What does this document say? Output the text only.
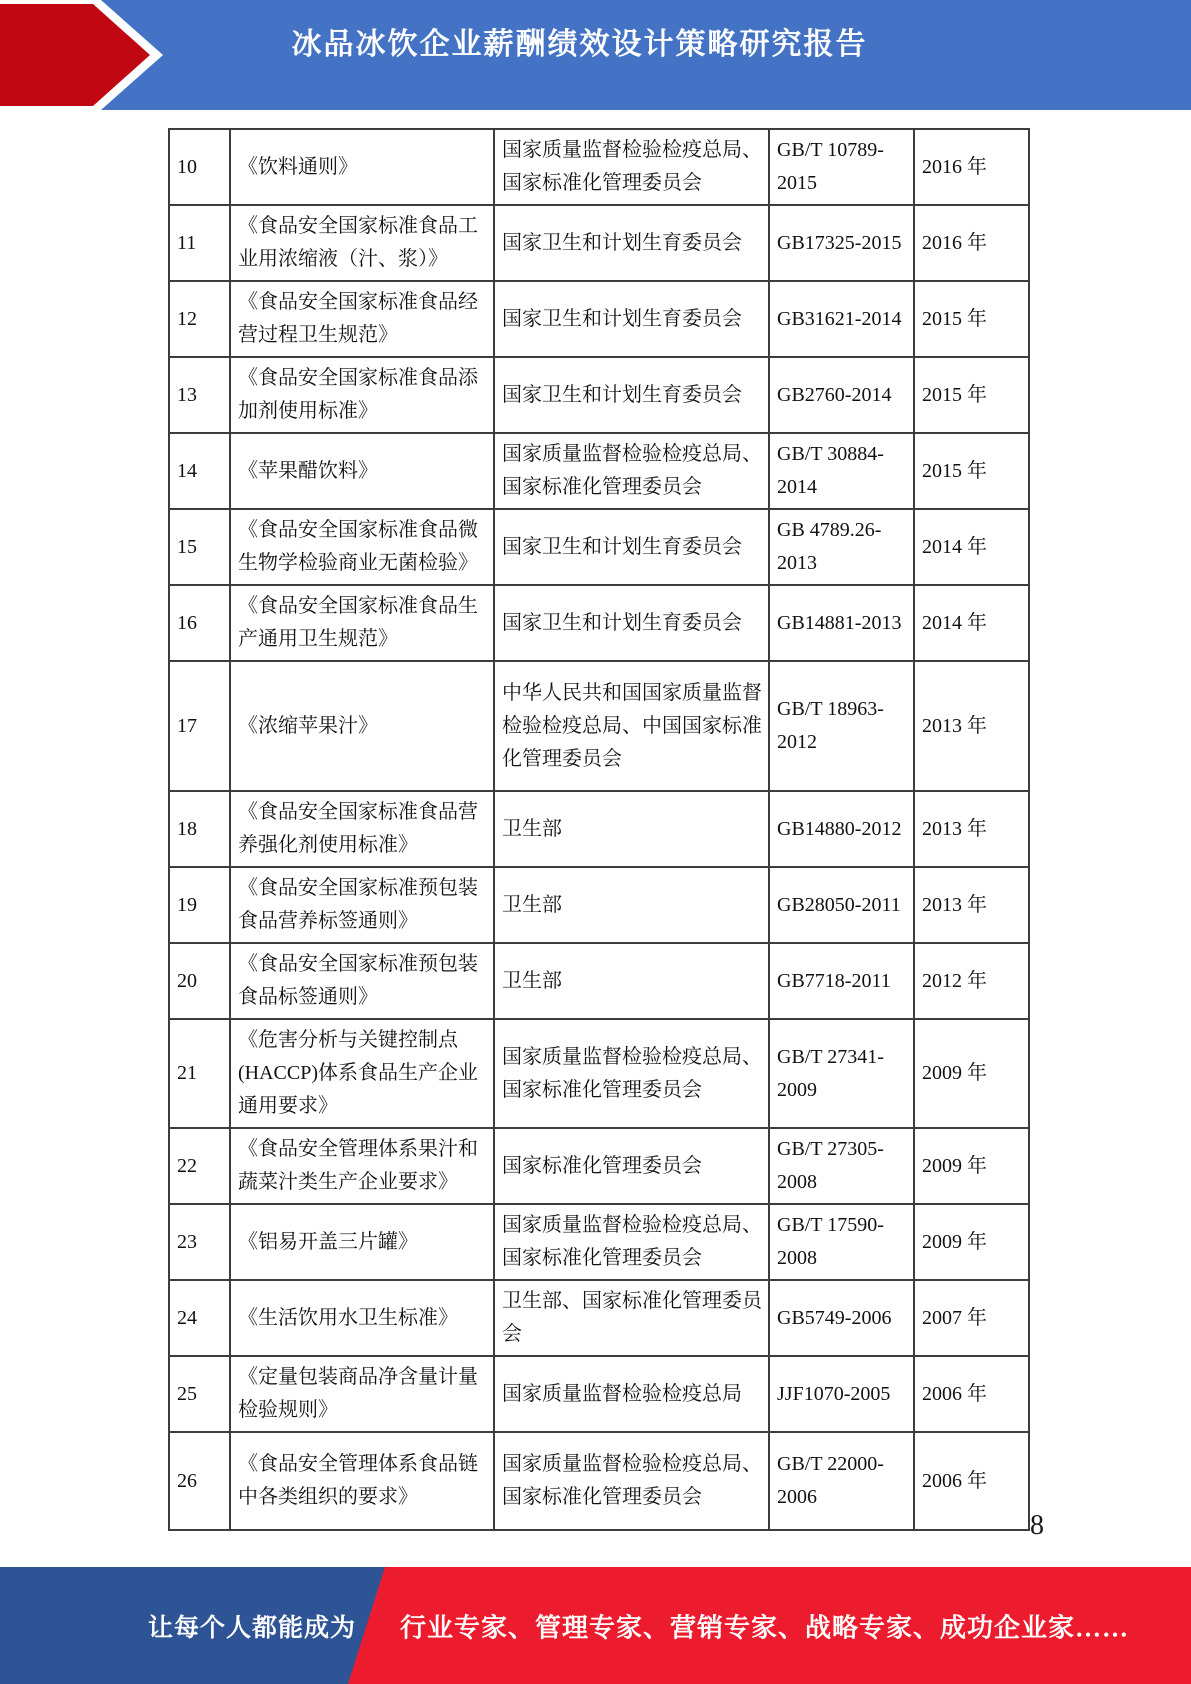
冰品冰饮企业薪酬绩效设计策略研究报告
10	《饮料通则》	国家质量监督检验检疫总局、国家标准化管理委员会	GB/T 10789-2015	2016 年
11	《食品安全国家标准食品工业用浓缩液（汁、浆）》	国家卫生和计划生育委员会	GB17325-2015	2016 年
12	《食品安全国家标准食品经营过程卫生规范》	国家卫生和计划生育委员会	GB31621-2014	2015 年
13	《食品安全国家标准食品添加剂使用标准》	国家卫生和计划生育委员会	GB2760-2014	2015 年
14	《苹果醋饮料》	国家质量监督检验检疫总局、国家标准化管理委员会	GB/T 30884-2014	2015 年
15	《食品安全国家标准食品微生物学检验商业无菌检验》	国家卫生和计划生育委员会	GB 4789.26-2013	2014 年
16	《食品安全国家标准食品生产通用卫生规范》	国家卫生和计划生育委员会	GB14881-2013	2014 年
17	《浓缩苹果汁》	中华人民共和国国家质量监督检验检疫总局、中国国家标准化管理委员会	GB/T 18963-2012	2013 年
18	《食品安全国家标准食品营养强化剂使用标准》	卫生部	GB14880-2012	2013 年
19	《食品安全国家标准预包装食品营养标签通则》	卫生部	GB28050-2011	2013 年
20	《食品安全国家标准预包装食品标签通则》	卫生部	GB7718-2011	2012 年
21	《危害分析与关键控制点(HACCP)体系食品生产企业通用要求》	国家质量监督检验检疫总局、国家标准化管理委员会	GB/T 27341-2009	2009 年
22	《食品安全管理体系果汁和蔬菜汁类生产企业要求》	国家标准化管理委员会	GB/T 27305-2008	2009 年
23	《铝易开盖三片罐》	国家质量监督检验检疫总局、国家标准化管理委员会	GB/T 17590-2008	2009 年
24	《生活饮用水卫生标准》	卫生部、国家标准化管理委员会	GB5749-2006	2007 年
25	《定量包装商品净含量计量检验规则》	国家质量监督检验检疫总局	JJF1070-2005	2006 年
26	《食品安全管理体系食品链中各类组织的要求》	国家质量监督检验检疫总局、国家标准化管理委员会	GB/T 22000-2006	2006 年
8
让每个人都能成为 行业专家、管理专家、营销专家、战略专家、成功企业家……
